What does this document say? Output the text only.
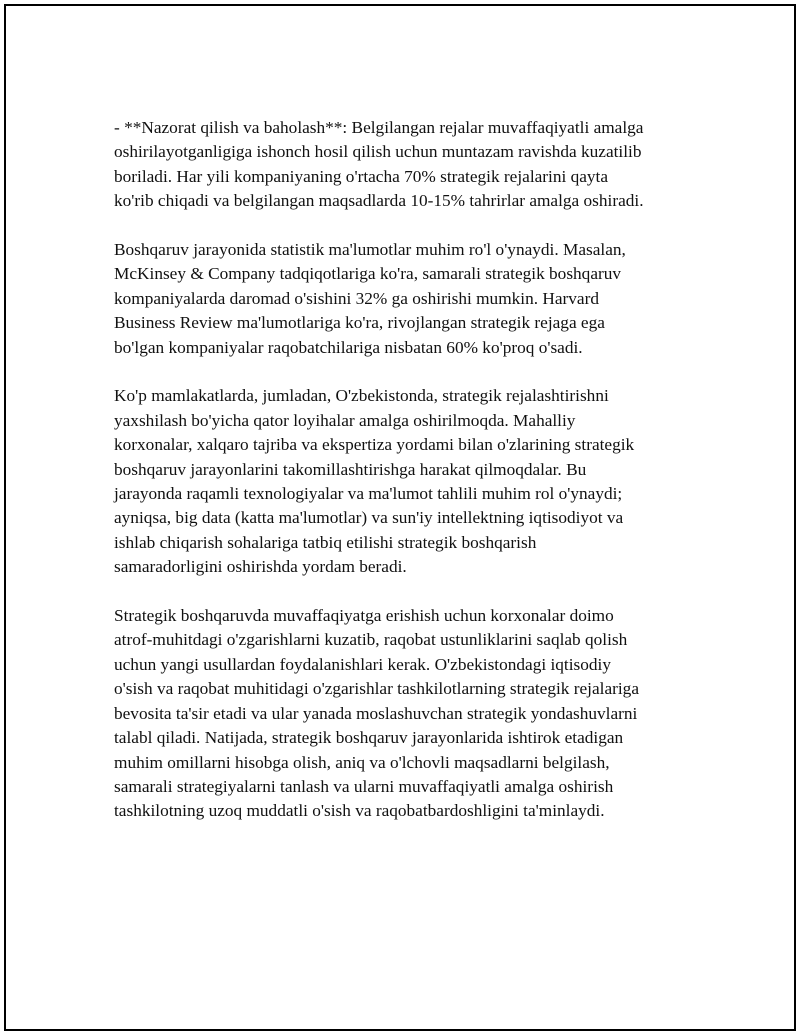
- **Nazorat qilish va baholash**: Belgilangan rejalar muvaffaqiyatli amalga
oshirilayotganligiga ishonch hosil qilish uchun muntazam ravishda kuzatilib
boriladi. Har yili kompaniyaning o'rtacha 70% strategik rejalarini qayta
ko'rib chiqadi va belgilangan maqsadlarda 10-15% tahrirlar amalga oshiradi.

Boshqaruv jarayonida statistik ma'lumotlar muhim ro'l o'ynaydi. Masalan,
McKinsey & Company tadqiqotlariga ko'ra, samarali strategik boshqaruv
kompaniyalarda daromad o'sishini 32% ga oshirishi mumkin. Harvard
Business Review ma'lumotlariga ko'ra, rivojlangan strategik rejaga ega
bo'lgan kompaniyalar raqobatchilariga nisbatan 60% ko'proq o'sadi.

Ko'p mamlakatlarda, jumladan, O'zbekistonda, strategik rejalashtirishni
yaxshilash bo'yicha qator loyihalar amalga oshirilmoqda. Mahalliy
korxonalar, xalqaro tajriba va ekspertiza yordami bilan o'zlarining strategik
boshqaruv jarayonlarini takomillashtirishga harakat qilmoqdalar. Bu
jarayonda raqamli texnologiyalar va ma'lumot tahlili muhim rol o'ynaydi;
ayniqsa, big data (katta ma'lumotlar) va sun'iy intellektning iqtisodiyot va
ishlab chiqarish sohalariga tatbiq etilishi strategik boshqarish
samaradorligini oshirishda yordam beradi.

Strategik boshqaruvda muvaffaqiyatga erishish uchun korxonalar doimo
atrof-muhitdagi o'zgarishlarni kuzatib, raqobat ustunliklarini saqlab qolish
uchun yangi usullardan foydalanishlari kerak. O'zbekistondagi iqtisodiy
o'sish va raqobat muhitidagi o'zgarishlar tashkilotlarning strategik rejalariga
bevosita ta'sir etadi va ular yanada moslashuvchan strategik yondashuvlarni
talabl qiladi. Natijada, strategik boshqaruv jarayonlarida ishtirok etadigan
muhim omillarni hisobga olish, aniq va o'lchovli maqsadlarni belgilash,
samarali strategiyalarni tanlash va ularni muvaffaqiyatli amalga oshirish
tashkilotning uzoq muddatli o'sish va raqobatbardoshligini ta'minlaydi.
